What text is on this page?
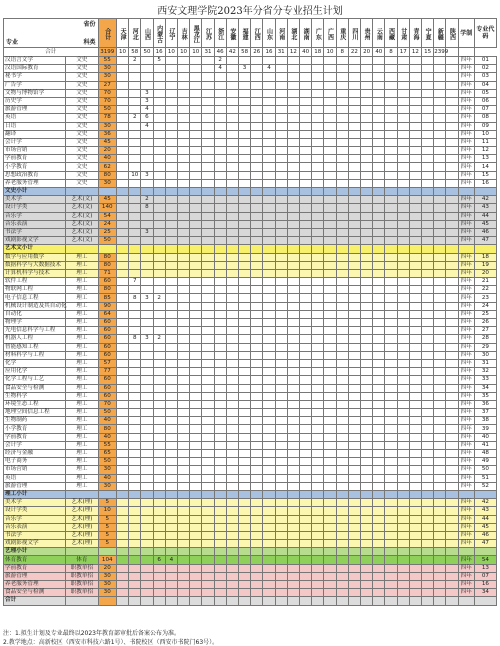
西安文理学院2023年分省分专业招生计划
省份
专业 科类		合计	天津	河北	山西	内蒙古	辽宁	吉林	黑龙江	江苏	浙江	安徽	福建	江西	山东	河南	湖北	湖南	广东	广西	重庆	四川	贵州	云南	西藏	甘肃	青海	宁夏	新疆	陕西	学制	专业代码
合计		3199	10	58	50	16	10	10	10	31	46	42	58	26	16	31	12	40	18	10	8	22	20	40	8	17	12	15	2399			
汉语言文学	文史	55		2		5					2																				四年	01
汉语国际教育	文史	30									4		3		4																四年	02
秘书学	文史	30																													四年	03
广告学	文史	27																													四年	04
文物与博物馆学	文史	70			3																										四年	05
历史学	文史	70			3																										四年	06
旅游管理	文史	50			4																										四年	07
英语	文史	78		2	6																										四年	08
日语	文史	30			4																										四年	09
翻译	文史	36																													四年	10
会计学	文史	45																													四年	11
市场营销	文史	20																													四年	12
学前教育	文史	40																													四年	13
小学教育	文史	62																													四年	14
思想政治教育	文史	80		10	3																										四年	15
养老服务管理	文史	30																													四年	16
文史小计																																
美术学	艺术(文)	45			2																										四年	42
设计学类	艺术(文)	140			8																										四年	43
音乐学	艺术(文)	54																													四年	44
音乐表演	艺术(文)	24																													四年	45
书法学	艺术(文)	25			3																										四年	46
戏剧影视文学	艺术(文)	50																													四年	47
艺术文小计																																
数学与应用数学	理工	80																													四年	18
数据科学与大数据技术	理工	80																													四年	19
计算机科学与技术	理工	71																													四年	20
软件工程	理工	60		7																											四年	21
物联网工程	理工	80																													四年	22
电子信息工程	理工	85		8	3	2																									四年	23
机械设计制造及其自动化	理工	90																													四年	24
自动化	理工	64																													四年	25
物理学	理工	60																													四年	26
光电信息科学与工程	理工	60																													四年	27
机器人工程	理工	60		8	3	2																									四年	28
智能感知工程	理工	60																													四年	29
材料科学与工程	理工	60																													四年	30
化学	理工	57																													四年	31
应用化学	理工	77																													四年	32
化学工程与工艺	理工	60																													四年	33
食品安全与检测	理工	60																													四年	34
生物科学	理工	60																													四年	35
环境生态工程	理工	70																													四年	36
地理空间信息工程	理工	50																													四年	37
生物制药	理工	40																													四年	38
小学教育	理工	80																													四年	39
学前教育	理工	40																													四年	40
会计学	理工	55																													四年	41
经济与金融	理工	65																													四年	48
电子商务	理工	50																													四年	49
市场营销	理工	30																													四年	50
英语	理工	40																													四年	51
旅游管理	理工	30																													四年	52
理工小计																																
美术学	艺术(理)	5																													四年	42
设计学类	艺术(理)	10																													四年	43
音乐学	艺术(理)	5																													四年	44
音乐表演	艺术(理)	5																													四年	45
书法学	艺术(理)	5																													四年	46
戏剧影视文学	艺术(理)	5																													四年	47
艺理小计																																
体育教育	体育	104				6	4																								四年	54
学前教育	职教单招	20																													四年	13
旅游管理	职教单招	30																													四年	07
养老服务管理	职教单招	30																													四年	16
食品安全与检测	职教单招	30																													四年	34
合计																																
注：1.拟生计划及专业最终以2023年教育部审批后备案公布为准。
2.教学地点：高新校区（西安市科技六路1号）、书院校区（西安市书院门63号）。
